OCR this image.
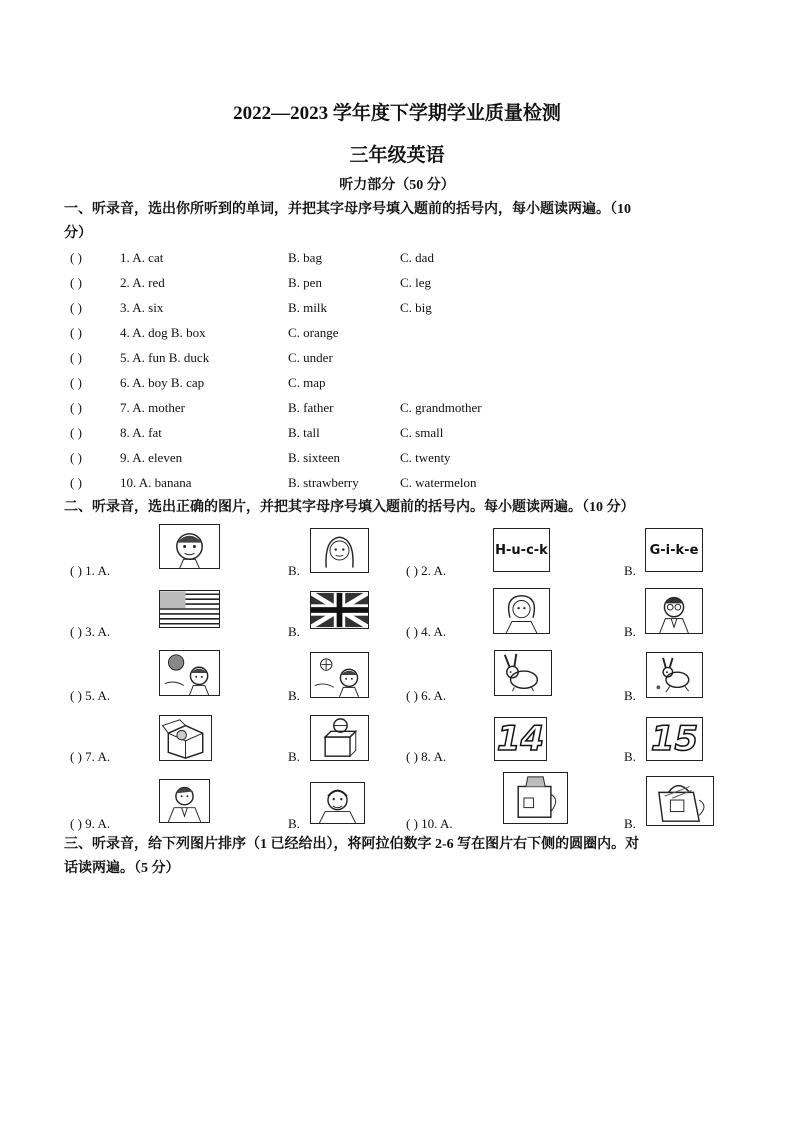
2022—2023 学年度下学期学业质量检测
三年级英语
听力部分（50 分）
一、听录音，选出你所听到的单词，并把其字母序号填入题前的括号内，每小题读两遍。（10
分）
( )	1. A. cat	B. bag	C. dad
( )	2. A. red	B. pen	C. leg
( )	3. A. six	B. milk	C. big
( )	4. A. dog B. box	C. orange
( )	5. A. fun B. duck	C. under
( )	6. A. boy B. cap	C. map
( )	7. A. mother	B. father	C. grandmother
( )	8. A. fat	B. tall	C. small
( )	9. A. eleven	B. sixteen	C. twenty
( )	10. A. banana	B. strawberry	C. watermelon
二、听录音，选出正确的图片，并把其字母序号填入题前的括号内。每小题读两遍。（10 分）
( ) 1. A.	B.	( ) 2. A.	B.
( ) 3. A.	B.	( ) 4. A.	B.
( ) 5. A.	B.	( ) 6. A.	B.
( ) 7. A.	B.	( ) 8. A.	B.
( ) 9. A.	B.	( ) 10. A.	B.
H-u-c-k	G-i-k-e
14	15
三、听录音，给下列图片排序（1 已经给出），将阿拉伯数字 2-6 写在图片右下侧的圆圈内。对
话读两遍。（5 分）
